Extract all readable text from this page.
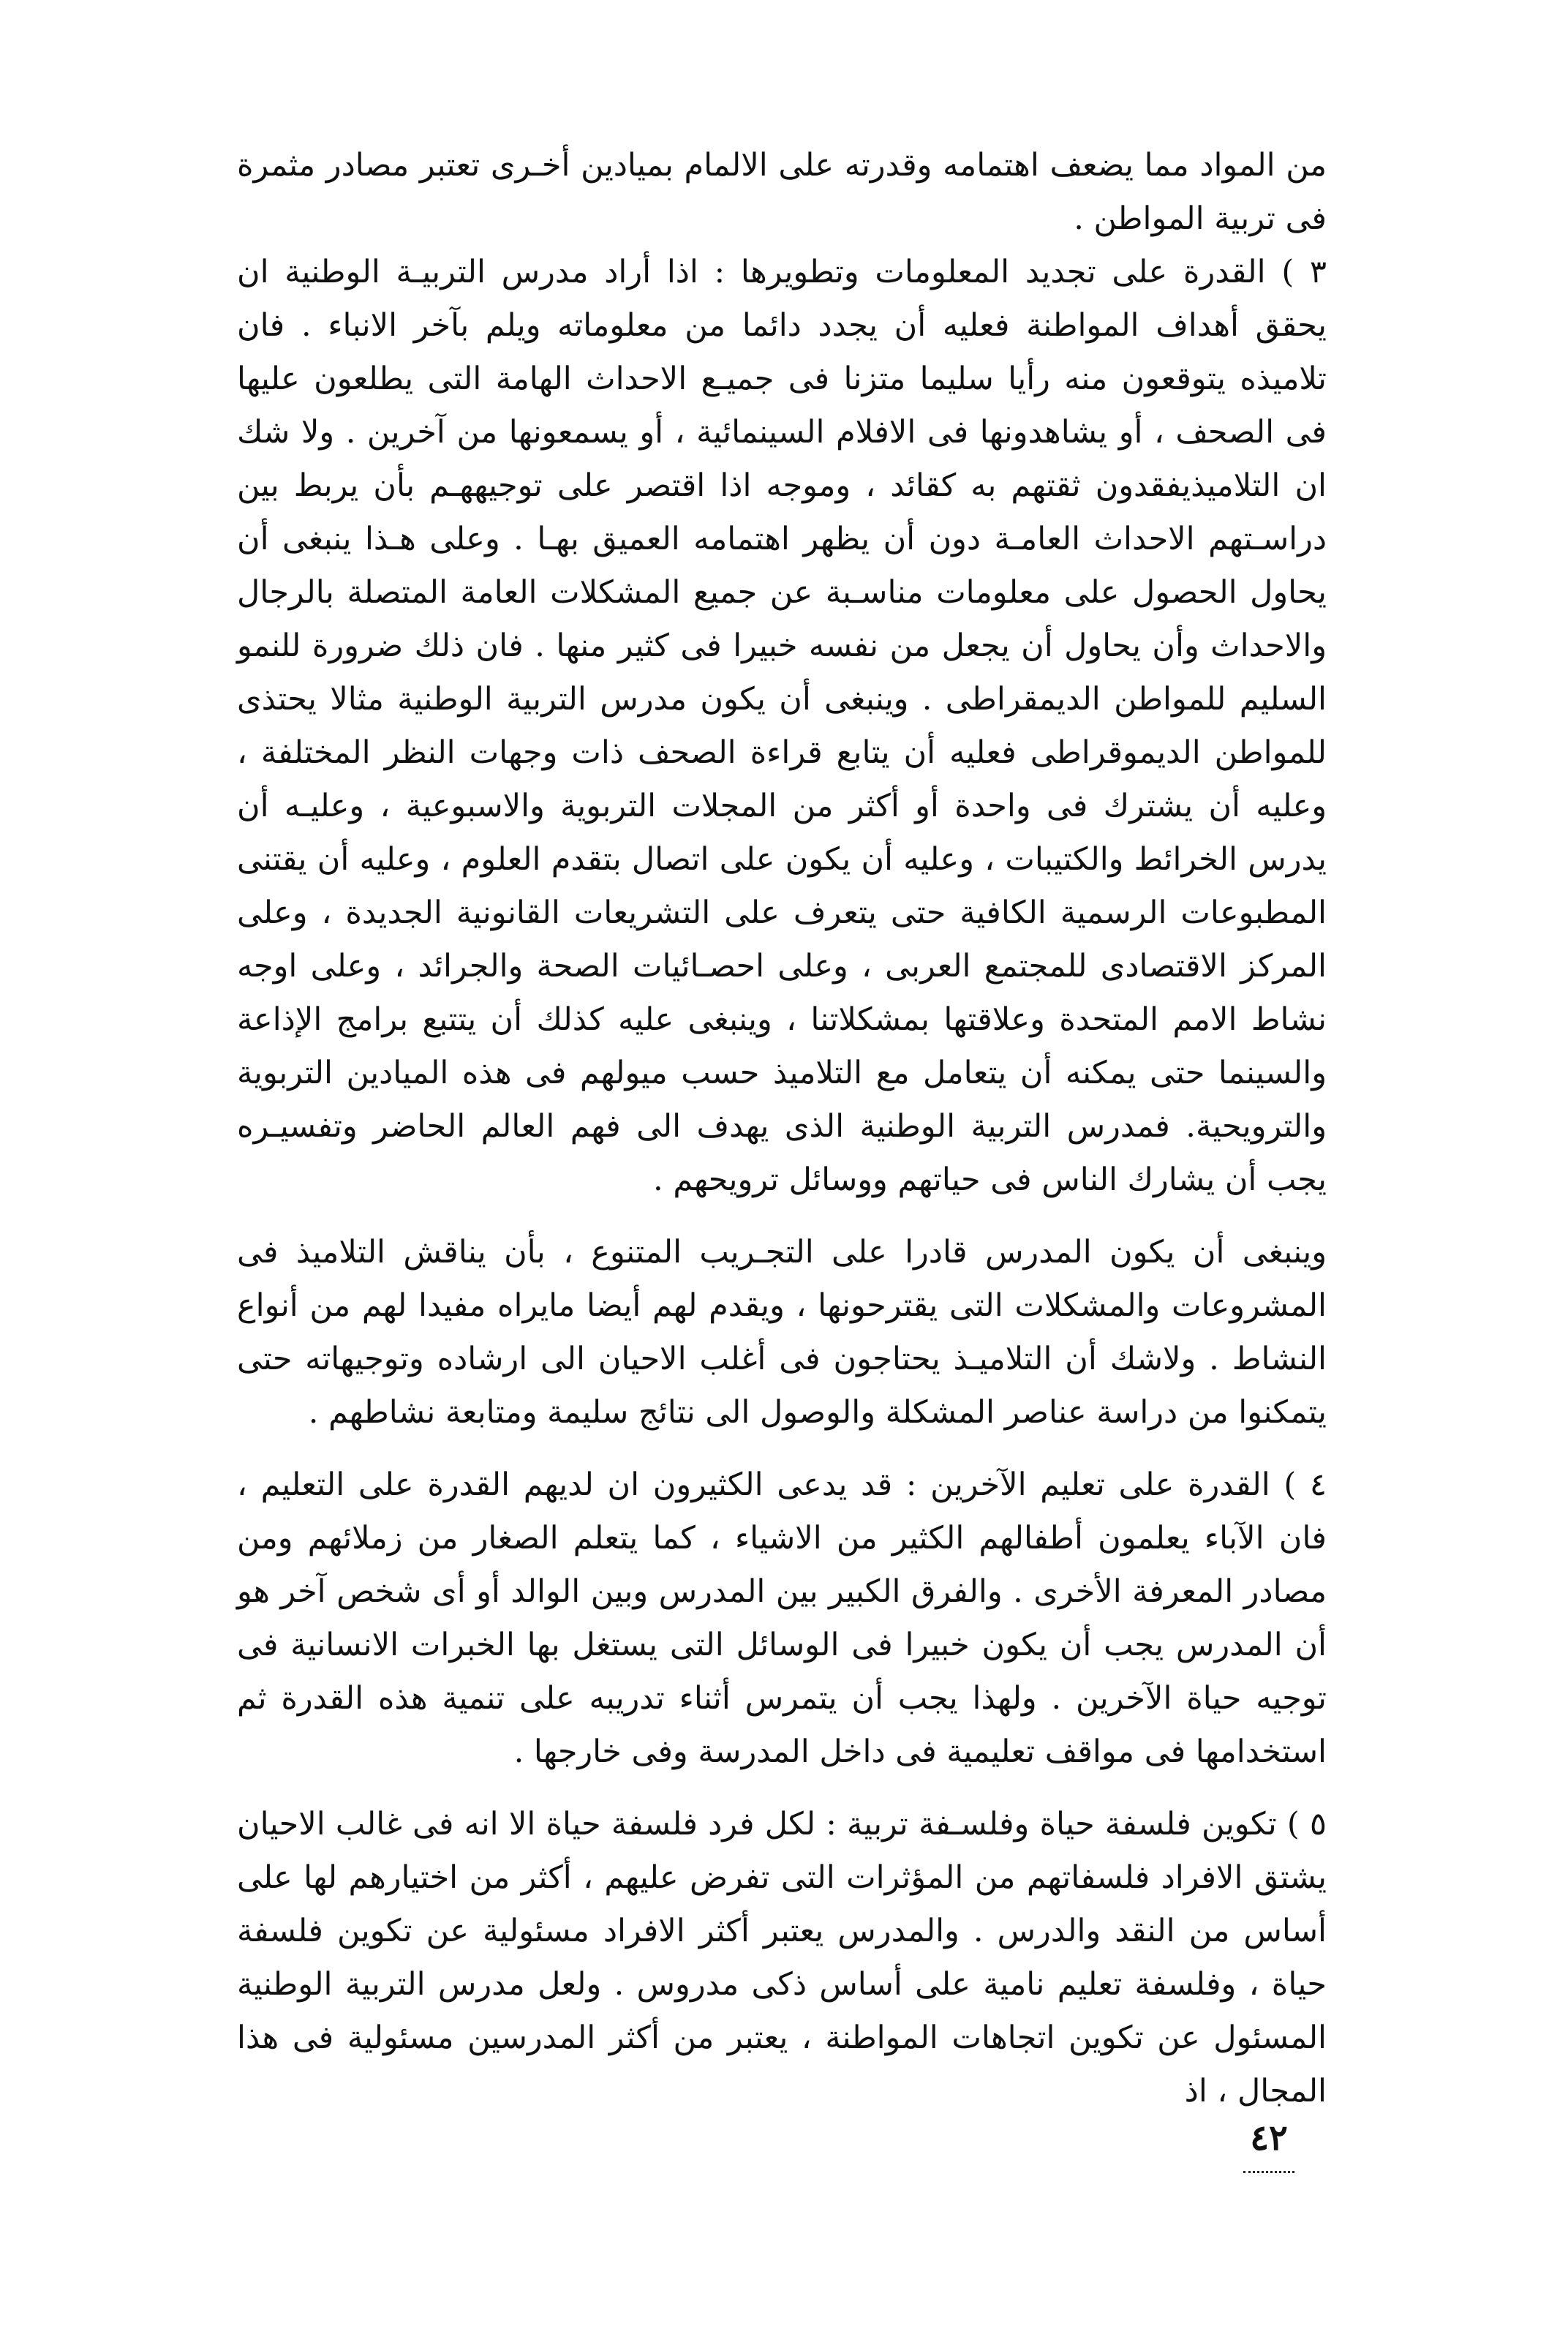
من المواد مما يضعف اهتمامه وقدرته على الالمام بميادين أخـرى تعتبر مصادر مثمرة فى تربية المواطن .

٣ ) القدرة على تجديد المعلومات وتطويرها : اذا أراد مدرس التربيـة الوطنية ان يحقق أهداف المواطنة فعليه أن يجدد دائما من معلوماته ويلم بآخر الانباء . فان تلاميذه يتوقعون منه رأيا سليما متزنا فى جميـع الاحداث الهامة التى يطلعون عليها فى الصحف ، أو يشاهدونها فى الافلام السينمائية ، أو يسمعونها من آخرين . ولا شك ان التلاميذيفقدون ثقتهم به كقائد ، وموجه اذا اقتصر على توجيههـم بأن يربط بين دراسـتهم الاحداث العامـة دون أن يظهر اهتمامه العميق بهـا . وعلى هـذا ينبغى أن يحاول الحصول على معلومات مناسـبة عن جميع المشكلات العامة المتصلة بالرجال والاحداث وأن يحاول أن يجعل من نفسه خبيرا فى كثير منها . فان ذلك ضرورة للنمو السليم للمواطن الديمقراطى . وينبغى أن يكون مدرس التربية الوطنية مثالا يحتذى للمواطن الديموقراطى فعليه أن يتابع قراءة الصحف ذات وجهات النظر المختلفة ، وعليه أن يشترك فى واحدة أو أكثر من المجلات التربوية والاسبوعية ، وعليـه أن يدرس الخرائط والكتيبات ، وعليه أن يكون على اتصال بتقدم العلوم ، وعليه أن يقتنى المطبوعات الرسمية الكافية حتى يتعرف على التشريعات القانونية الجديدة ، وعلى المركز الاقتصادى للمجتمع العربى ، وعلى احصـائيات الصحة والجرائد ، وعلى اوجه نشاط الامم المتحدة وعلاقتها بمشكلاتنا ، وينبغى عليه كذلك أن يتتبع برامج الإذاعة والسينما حتى يمكنه أن يتعامل مع التلاميذ حسب ميولهم فى هذه الميادين التربوية والترويحية. فمدرس التربية الوطنية الذى يهدف الى فهم العالم الحاضر وتفسيـره يجب أن يشارك الناس فى حياتهم ووسائل ترويحهم .

وينبغى أن يكون المدرس قادرا على التجـريب المتنوع ، بأن يناقش التلاميذ فى المشروعات والمشكلات التى يقترحونها ، ويقدم لهم أيضا مايراه مفيدا لهم من أنواع النشاط . ولاشك أن التلاميـذ يحتاجون فى أغلب الاحيان الى ارشاده وتوجيهاته حتى يتمكنوا من دراسة عناصر المشكلة والوصول الى نتائج سليمة ومتابعة نشاطهم .

٤ ) القدرة على تعليم الآخرين : قد يدعى الكثيرون ان لديهم القدرة على التعليم ، فان الآباء يعلمون أطفالهم الكثير من الاشياء ، كما يتعلم الصغار من زملائهم ومن مصادر المعرفة الأخرى . والفرق الكبير بين المدرس وبين الوالد أو أى شخص آخر هو أن المدرس يجب أن يكون خبيرا فى الوسائل التى يستغل بها الخبرات الانسانية فى توجيه حياة الآخرين . ولهذا يجب أن يتمرس أثناء تدريبه على تنمية هذه القدرة ثم استخدامها فى مواقف تعليمية فى داخل المدرسة وفى خارجها .

٥ ) تكوين فلسفة حياة وفلسـفة تربية : لكل فرد فلسفة حياة الا انه فى غالب الاحيان يشتق الافراد فلسفاتهم من المؤثرات التى تفرض عليهم ، أكثر من اختيارهم لها على أساس من النقد والدرس . والمدرس يعتبر أكثر الافراد مسئولية عن تكوين فلسفة حياة ، وفلسفة تعليم نامية على أساس ذكى مدروس . ولعل مدرس التربية الوطنية المسئول عن تكوين اتجاهات المواطنة ، يعتبر من أكثر المدرسين مسئولية فى هذا المجال ، اذ

٤٢
